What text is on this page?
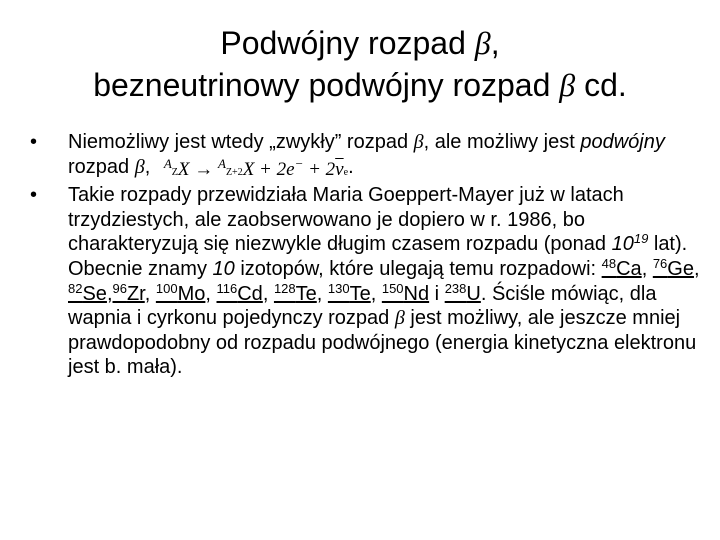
Podwójny rozpad β,
bezneutrinowy podwójny rozpad β cd.
•	Niemożliwy jest wtedy „zwykły” rozpad β, ale możliwy jest podwójny rozpad β, $^AZX \to ^AZ+2X + 2e^- + 2\overline{\nu}e$.
•	Takie rozpady przewidziała Maria Goeppert-Mayer już w latach trzydziestych, ale zaobserwowano je dopiero w r. 1986, bo charakteryzują się niezwykle długim czasem rozpadu (ponad $10^{19}$ lat). Obecnie znamy 10 izotopów, które ulegają temu rozpadowi: $^{48}$Ca, $^{76}$Ge, $^{82}$Se,$^{96}$Zr, $^{100}$Mo, $^{116}$Cd, $^{128}$Te, $^{130}$Te, $^{150}$Nd i $^{238}$U. Ściśle mówiąc, dla wapnia i cyrkonu pojedynczy rozpad β jest możliwy, ale jeszcze mniej prawdopodobny od rozpadu podwójnego (energia kinetyczna elektronu jest b. mała).
